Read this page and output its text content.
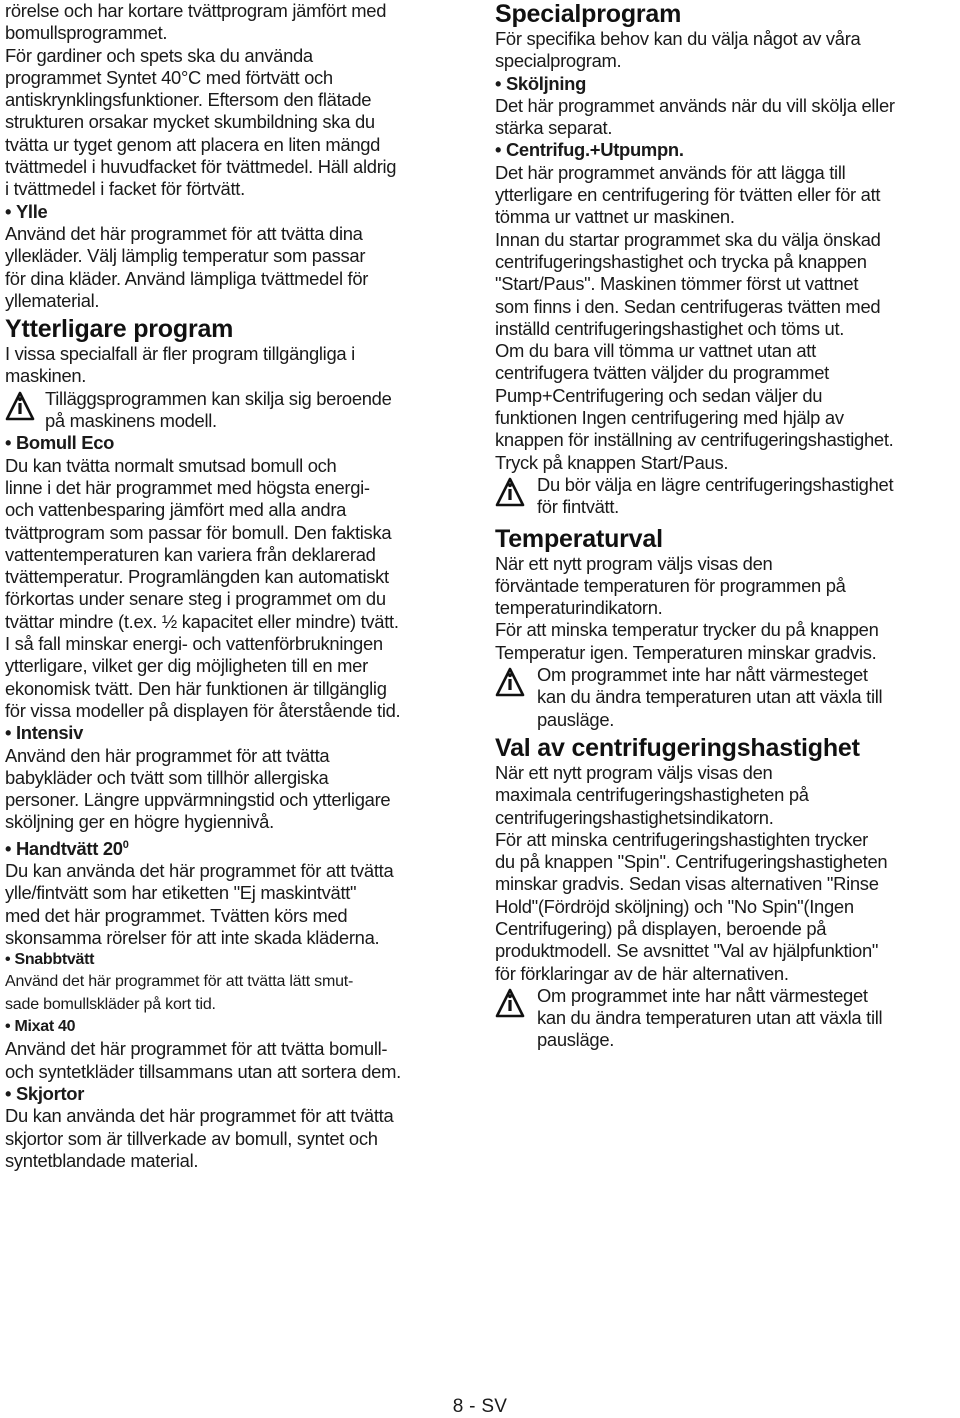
rörelse och har kortare tvättprogram jämfört med
bomullsprogrammet.
För gardiner och spets ska du använda
programmet Syntet 40°C med förtvätt och
antiskrynklingsfunktioner. Eftersom den flätade
strukturen orsakar mycket skumbildning ska du
tvätta ur tyget genom att placera en liten mängd
tvättmedel i huvudfacket för tvättmedel. Häll aldrig
i tvättmedel i facket för förtvätt.

• Ylle

Använd det här programmet för att tvätta dina
ylleкläder. Välj lämplig temperatur som passar
för dina kläder. Använd lämpliga tvättmedel för
yllematerial.

Ytterligare program

I vissa specialfall är fler program tillgängliga i
maskinen.

Tilläggsprogrammen kan skilja sig beroende
på maskinens modell.

• Bomull Eco

Du kan tvätta normalt smutsad bomull och
linne i det här programmet med högsta energi-
och vattenbesparing jämfört med alla andra
tvättprogram som passar för bomull. Den faktiska
vattentemperaturen kan variera från deklarerad
tvättemperatur. Programlängden kan automatiskt
förkortas under senare steg i programmet om du
tvättar mindre (t.ex. ½ kapacitet eller mindre) tvätt.
I så fall minskar energi- och vattenförbrukningen
ytterligare, vilket ger dig möjligheten till en mer
ekonomisk tvätt. Den här funktionen är tillgänglig
för vissa modeller på displayen för återstående tid.

• Intensiv

Använd den här programmet för att tvätta
babykläder och tvätt som tillhör allergiska
personer. Längre uppvärmningstid och ytterligare
sköljning ger en högre hygiennivå.

• Handtvätt $20^0$

Du kan använda det här programmet för att tvätta
ylle/fintvätt som har etiketten "Ej maskintvätt"
med det här programmet. Tvätten körs med
skonsamma rörelser för att inte skada kläderna.

• Snabbtvätt

Använd det här programmet för att tvätta lätt smut-
sade bomullskläder på kort tid.

• Mixat 40

Använd det här programmet för att tvätta bomull-
och syntetkläder tillsammans utan att sortera dem.

• Skjortor

Du kan använda det här programmet för att tvätta
skjortor som är tillverkade av bomull, syntet och
syntetblandade material.

Specialprogram

För specifika behov kan du välja något av våra
specialprogram.

• Sköljning

Det här programmet används när du vill skölja eller
stärka separat.

• Centrifug.+Utpumpn.

Det här programmet används för att lägga till
ytterligare en centrifugering för tvätten eller för att
tömma ur vattnet ur maskinen.
Innan du startar programmet ska du välja önskad
centrifugeringshastighet och trycka på knappen
"Start/Paus". Maskinen tömmer först ut vattnet
som finns i den. Sedan centrifugeras tvätten med
inställd centrifugeringshastighet och töms ut.
Om du bara vill tömma ur vattnet utan att
centrifugera tvätten väljder du programmet
Pump+Centrifugering och sedan väljer du
funktionen Ingen centrifugering med hjälp av
knappen för inställning av centrifugeringshastighet.
Tryck på knappen Start/Paus.

Du bör välja en lägre centrifugeringshastighet
för fintvätt.

Temperaturval

När ett nytt program väljs visas den
förväntade temperaturen för programmen på
temperaturindikatorn.
För att minska temperatur trycker du på knappen
Temperatur igen. Temperaturen minskar gradvis.

Om programmet inte har nått värmesteget
kan du ändra temperaturen utan att växla till
pausläge.

Val av centrifugeringshastighet

När ett nytt program väljs visas den
maximala centrifugeringshastigheten på
centrifugeringshastighetsindikatorn.
För att minska centrifugeringshastighten trycker
du på knappen "Spin". Centrifugeringshastigheten
minskar gradvis. Sedan visas alternativen "Rinse
Hold"(Fördröjd sköljning) och "No Spin"(Ingen
Centrifugering) på displayen, beroende på
produktmodell. Se avsnittet "Val av hjälpfunktion"
för förklaringar av de här alternativen.

Om programmet inte har nått värmesteget
kan du ändra temperaturen utan att växla till
pausläge.

8 - SV
